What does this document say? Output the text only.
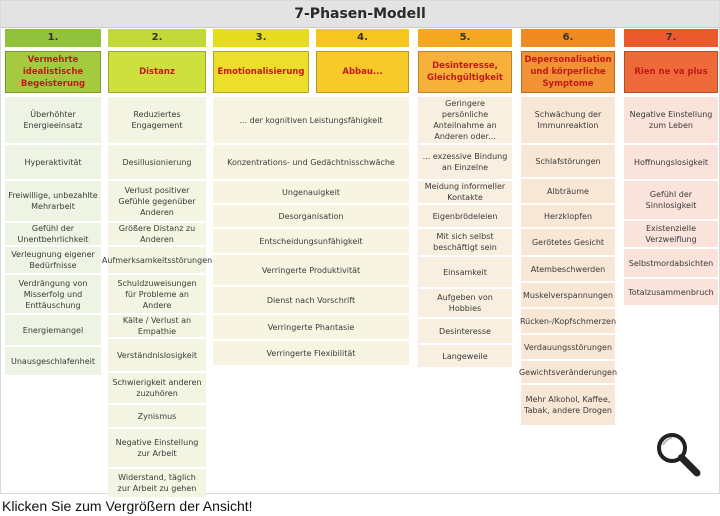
7-Phasen-Modell
1.
Vermehrte idealistische Begeisterung
Überhöhter Energieeinsatz
Hyperaktivität
Freiwillige, unbezahlte Mehrarbeit
Gefühl der Unentbehrlichkeit
Verleugnung eigener Bedürfnisse
Verdrängung von Misserfolg und Enttäuschung
Energiemangel
Unausgeschlafenheit
2.
Distanz
Reduziertes Engagement
Desillusionierung
Verlust positiver Gefühle gegenüber Anderen
Größere Distanz zu Anderen
Aufmerksamkeitsstörungen
Schuldzuweisungen für Probleme an Andere
Kälte / Verlust an Empathie
Verständnislosigkeit
Schwierigkeit anderen zuzuhören
Zynismus
Negative Einstellung zur Arbeit
Widerstand, täglich zur Arbeit zu gehen
3.
Emotionalisierung
... der kognitiven Leistungsfähigkeit
Konzentrations- und Gedächtnisschwäche
Ungenauigkeit
Desorganisation
Entscheidungsunfähigkeit
Verringerte Produktivität
Dienst nach Vorschrift
Verringerte Phantasie
Verringerte Flexibilität
4.
Abbau...
5.
Desinteresse, Gleichgültigkeit
Geringere persönliche Anteilnahme an Anderen oder...
... exzessive Bindung an Einzelne
Meidung informeller Kontakte
Eigenbrödeleien
Mit sich selbst beschäftigt sein
Einsamkeit
Aufgeben von Hobbies
Desinteresse
Langeweile
6.
Depersonalisation und körperliche Symptome
Schwächung der Immunreaktion
Schlafstörungen
Albträume
Herzklopfen
Gerötetes Gesicht
Atembeschwerden
Muskelverspannungen
Rücken-/Kopfschmerzen
Verdauungsstörungen
Gewichtsveränderungen
Mehr Alkohol, Kaffee, Tabak, andere Drogen
7.
Rien ne va plus
Negative Einstellung zum Leben
Hoffnungslosigkeit
Gefühl der Sinnlosigkeit
Existenzielle Verzweiflung
Selbstmordabsichten
Totalzusammenbruch
Klicken Sie zum Vergrößern der Ansicht!
